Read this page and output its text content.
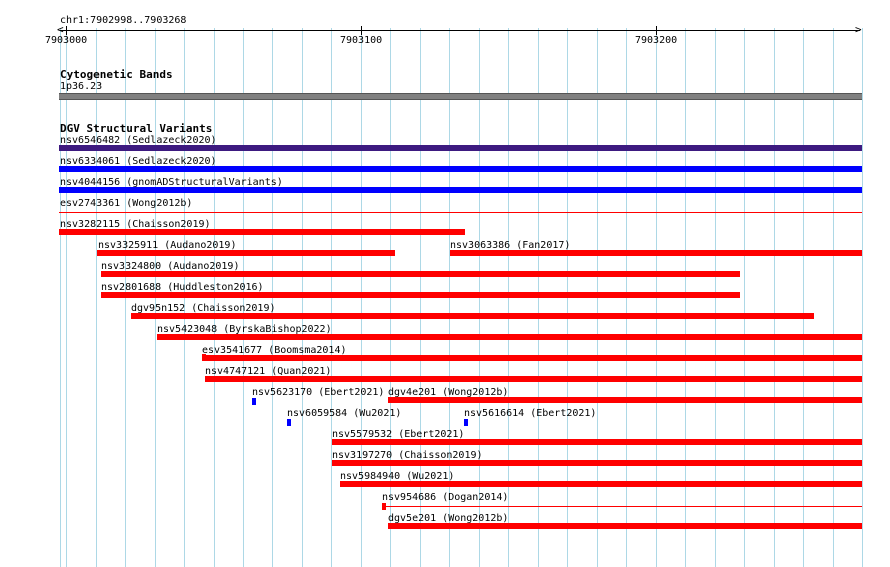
chr1:7902998..7903268
<	>
7903000	7903100	7903200
Cytogenetic Bands
1p36.23
DGV Structural Variants
nsv6546482 (Sedlazeck2020)
nsv6334061 (Sedlazeck2020)
nsv4044156 (gnomADStructuralVariants)
esv2743361 (Wong2012b)
nsv3282115 (Chaisson2019)
nsv3325911 (Audano2019)	nsv3063386 (Fan2017)
nsv3324800 (Audano2019)
nsv2801688 (Huddleston2016)
dgv95n152 (Chaisson2019)
nsv5423048 (ByrskaBishop2022)
esv3541677 (Boomsma2014)
nsv4747121 (Quan2021)
nsv5623170 (Ebert2021) dgv4e201 (Wong2012b)
nsv6059584 (Wu2021)	nsv5616614 (Ebert2021)
nsv5579532 (Ebert2021)
nsv3197270 (Chaisson2019)
nsv5984940 (Wu2021)
nsv954686 (Dogan2014)
dgv5e201 (Wong2012b)
